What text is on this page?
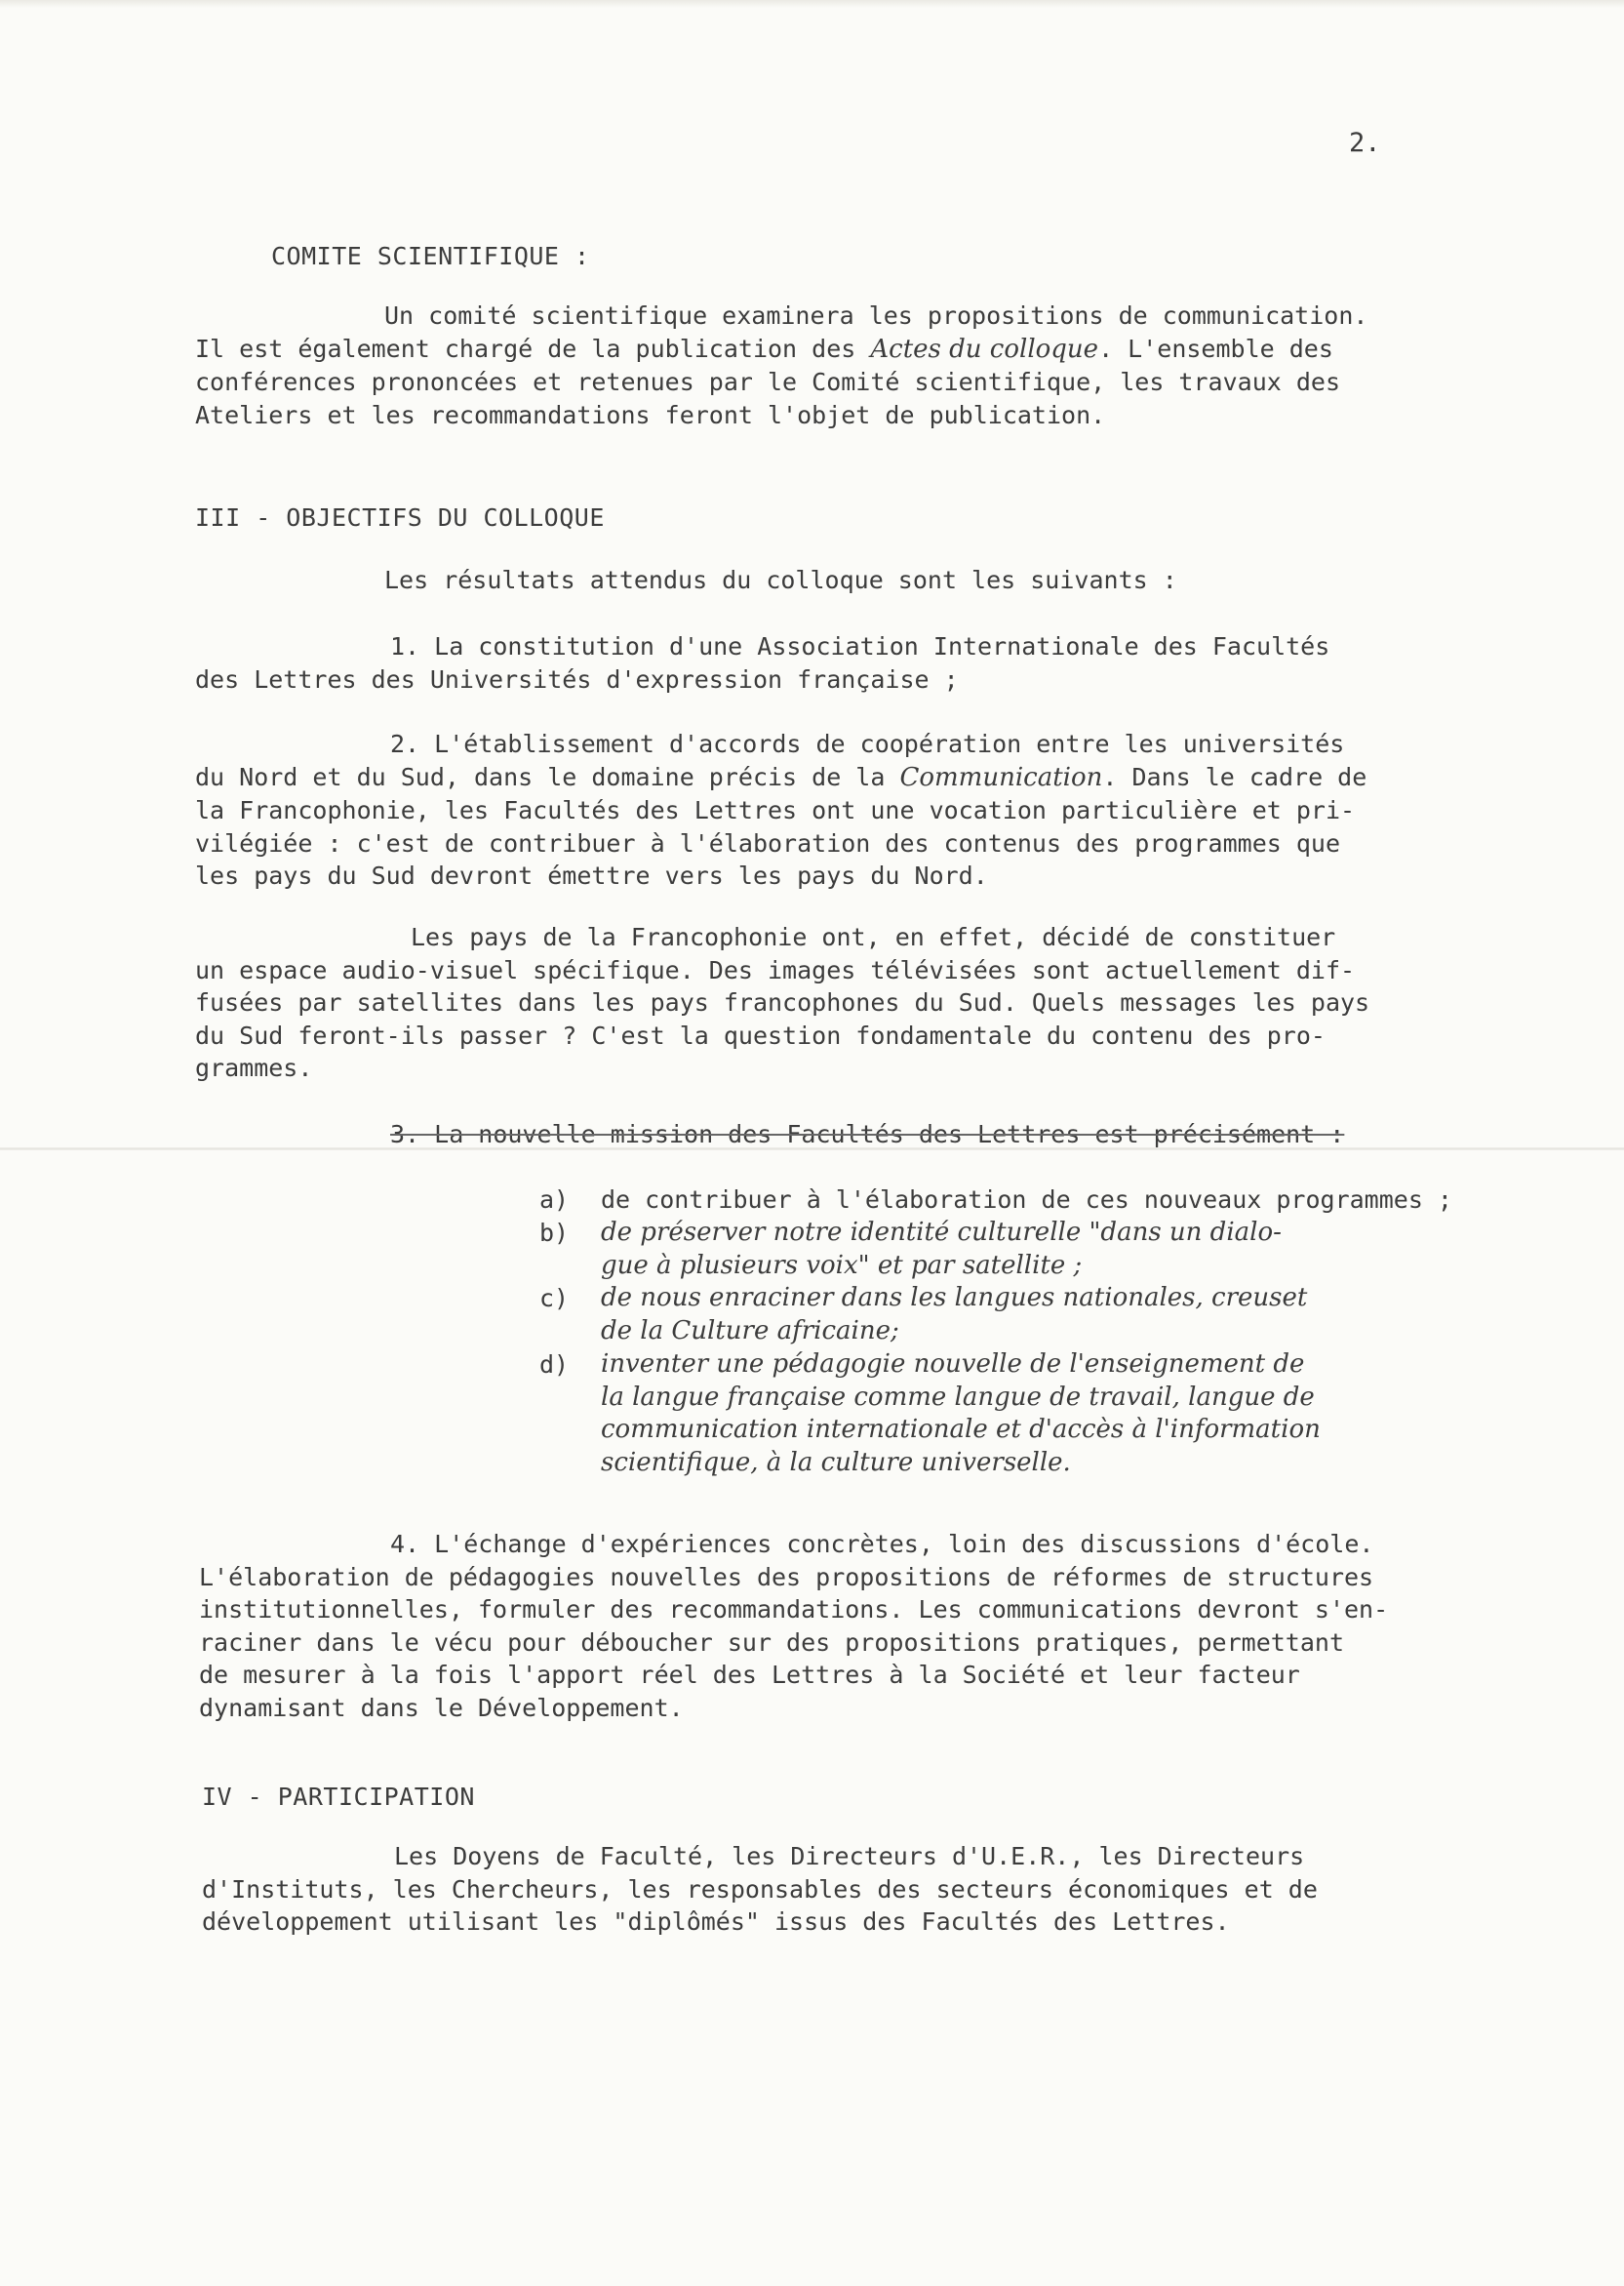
2.
COMITE SCIENTIFIQUE :
Un comité scientifique examinera les propositions de communication.
Il est également chargé de la publication des Actes du colloque. L'ensemble des
conférences prononcées et retenues par le Comité scientifique, les travaux des
Ateliers et les recommandations feront l'objet de publication.
III - OBJECTIFS DU COLLOQUE
Les résultats attendus du colloque sont les suivants :
1. La constitution d'une Association Internationale des Facultés
des Lettres des Universités d'expression française ;
2. L'établissement d'accords de coopération entre les universités
du Nord et du Sud, dans le domaine précis de la Communication. Dans le cadre de
la Francophonie, les Facultés des Lettres ont une vocation particulière et pri-
vilégiée : c'est de contribuer à l'élaboration des contenus des programmes que
les pays du Sud devront émettre vers les pays du Nord.
Les pays de la Francophonie ont, en effet, décidé de constituer
un espace audio-visuel spécifique. Des images télévisées sont actuellement dif-
fusées par satellites dans les pays francophones du Sud. Quels messages les pays
du Sud feront-ils passer ? C'est la question fondamentale du contenu des pro-
grammes.
3. La nouvelle mission des Facultés des Lettres est précisément :
a) de contribuer à l'élaboration de ces nouveaux programmes ;
b) de préserver notre identité culturelle "dans un dialo-
gue à plusieurs voix" et par satellite ;
c) de nous enraciner dans les langues nationales, creuset
de la Culture africaine;
d) inventer une pédagogie nouvelle de l'enseignement de
la langue française comme langue de travail, langue de
communication internationale et d'accès à l'information
scientifique, à la culture universelle.
4. L'échange d'expériences concrètes, loin des discussions d'école.
L'élaboration de pédagogies nouvelles des propositions de réformes de structures
institutionnelles, formuler des recommandations. Les communications devront s'en-
raciner dans le vécu pour déboucher sur des propositions pratiques, permettant
de mesurer à la fois l'apport réel des Lettres à la Société et leur facteur
dynamisant dans le Développement.
IV - PARTICIPATION
Les Doyens de Faculté, les Directeurs d'U.E.R., les Directeurs
d'Instituts, les Chercheurs, les responsables des secteurs économiques et de
développement utilisant les "diplômés" issus des Facultés des Lettres.
